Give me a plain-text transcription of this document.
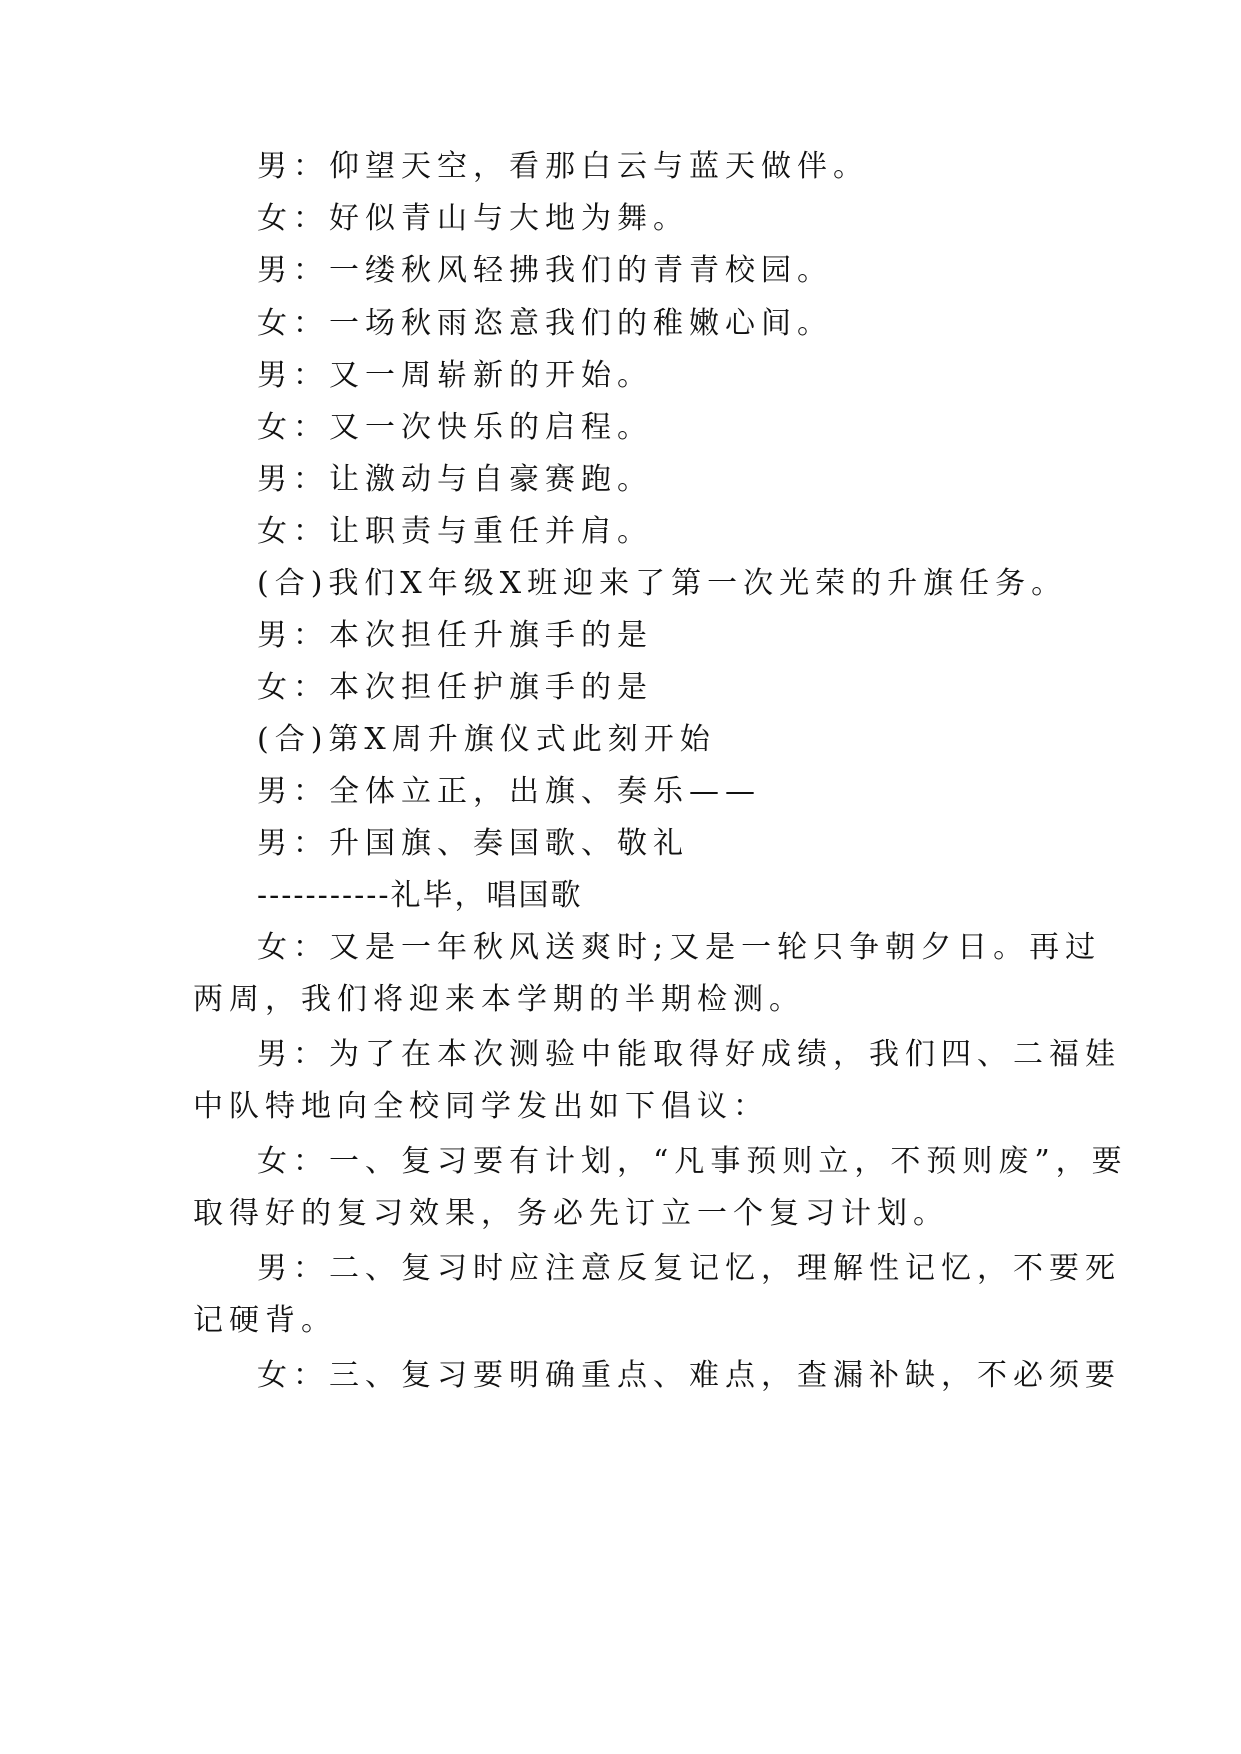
男：仰望天空，看那白云与蓝天做伴。
女：好似青山与大地为舞。
男：一缕秋风轻拂我们的青青校园。
女：一场秋雨恣意我们的稚嫩心间。
男：又一周崭新的开始。
女：又一次快乐的启程。
男：让激动与自豪赛跑。
女：让职责与重任并肩。
(合)我们X年级X班迎来了第一次光荣的升旗任务。
男：本次担任升旗手的是
女：本次担任护旗手的是
(合)第X周升旗仪式此刻开始
男：全体立正，出旗、奏乐——
男：升国旗、奏国歌、敬礼
-----------礼毕，唱国歌
女：又是一年秋风送爽时;又是一轮只争朝夕日。再过
两周，我们将迎来本学期的半期检测。
男：为了在本次测验中能取得好成绩，我们四、二福娃
中队特地向全校同学发出如下倡议：
女：一、复习要有计划，“凡事预则立，不预则废”，要
取得好的复习效果，务必先订立一个复习计划。
男：二、复习时应注意反复记忆，理解性记忆，不要死
记硬背。
女：三、复习要明确重点、难点，查漏补缺，不必须要
